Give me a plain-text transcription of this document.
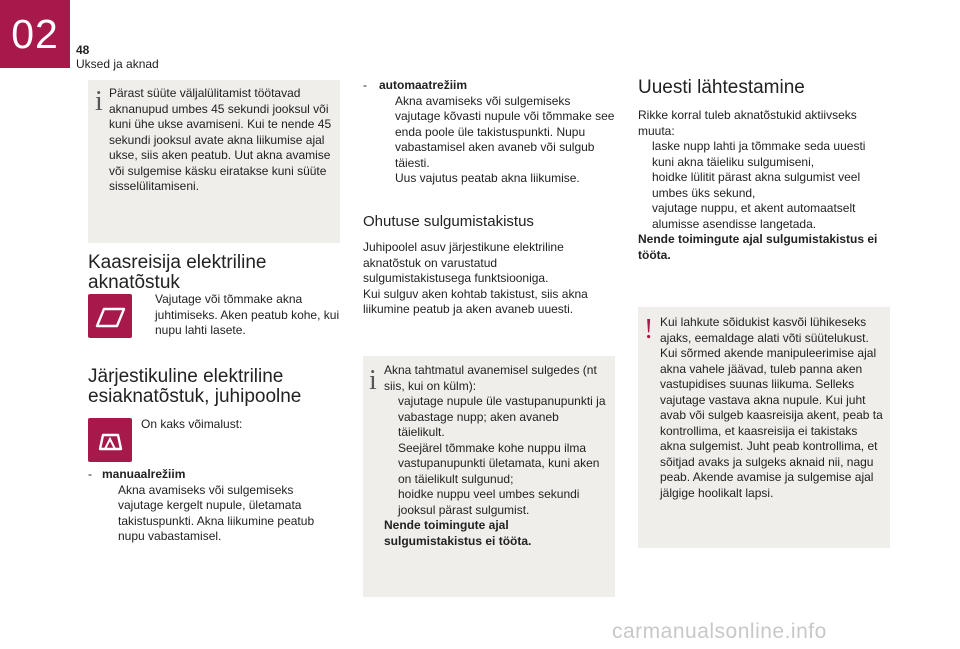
02	48
Uksed ja aknad
i Pärast süüte väljalülitamist töötavad aknanupud umbes 45 sekundi jooksul või kuni ühe ukse avamiseni. Kui te nende 45 sekundi jooksul avate akna liikumise ajal ukse, siis aken peatub. Uut akna avamise või sulgemise käsku eiratakse kuni süüte sisselülitamiseni.
Kaasreisija elektriline
aknatõstuk
Vajutage või tõmmake akna juhtimiseks. Aken peatub kohe, kui nupu lahti lasete.
Järjestikuline elektriline
esiaknatõstuk, juhipoolne
On kaks võimalust:
- manuaalrežiim
Akna avamiseks või sulgemiseks vajutage kergelt nupule, ületamata takistuspunkti. Akna liikumine peatub nupu vabastamisel.
- automaatrežiim
Akna avamiseks või sulgemiseks vajutage kõvasti nupule või tõmmake see enda poole üle takistuspunkti. Nupu vabastamisel aken avaneb või sulgub täiesti.
Uus vajutus peatab akna liikumise.
Ohutuse sulgumistakistus
Juhipoolel asuv järjestikune elektriline aknatõstuk on varustatud sulgumistakistusega funktsiooniga.
Kui sulguv aken kohtab takistust, siis akna liikumine peatub ja aken avaneb uuesti.
i Akna tahtmatul avanemisel sulgedes (nt siis, kui on külm):
vajutage nupule üle vastupanupunkti ja vabastage nupp; aken avaneb täielikult.
Seejärel tõmmake kohe nuppu ilma vastupanupunkti ületamata, kuni aken on täielikult sulgunud;
hoidke nuppu veel umbes sekundi jooksul pärast sulgumist.
Nende toimingute ajal sulgumistakistus ei tööta.
Uuesti lähtestamine
Rikke korral tuleb aknatõstukid aktiivseks muuta:
laske nupp lahti ja tõmmake seda uuesti kuni akna täieliku sulgumiseni,
hoidke lülitit pärast akna sulgumist veel umbes üks sekund,
vajutage nuppu, et akent automaatselt alumisse asendisse langetada.
Nende toimingute ajal sulgumistakistus ei tööta.
! Kui lahkute sõidukist kasvõi lühikeseks ajaks, eemaldage alati võti süütelukust. Kui sõrmed akende manipuleerimise ajal akna vahele jäävad, tuleb panna aken vastupidises suunas liikuma. Selleks vajutage vastava akna nupule. Kui juht avab või sulgeb kaasreisija akent, peab ta kontrollima, et kaasreisija ei takistaks akna sulgemist. Juht peab kontrollima, et sõitjad avaks ja sulgeks aknaid nii, nagu peab. Akende avamise ja sulgemise ajal jälgige hoolikalt lapsi.
carmanualsonline.info
